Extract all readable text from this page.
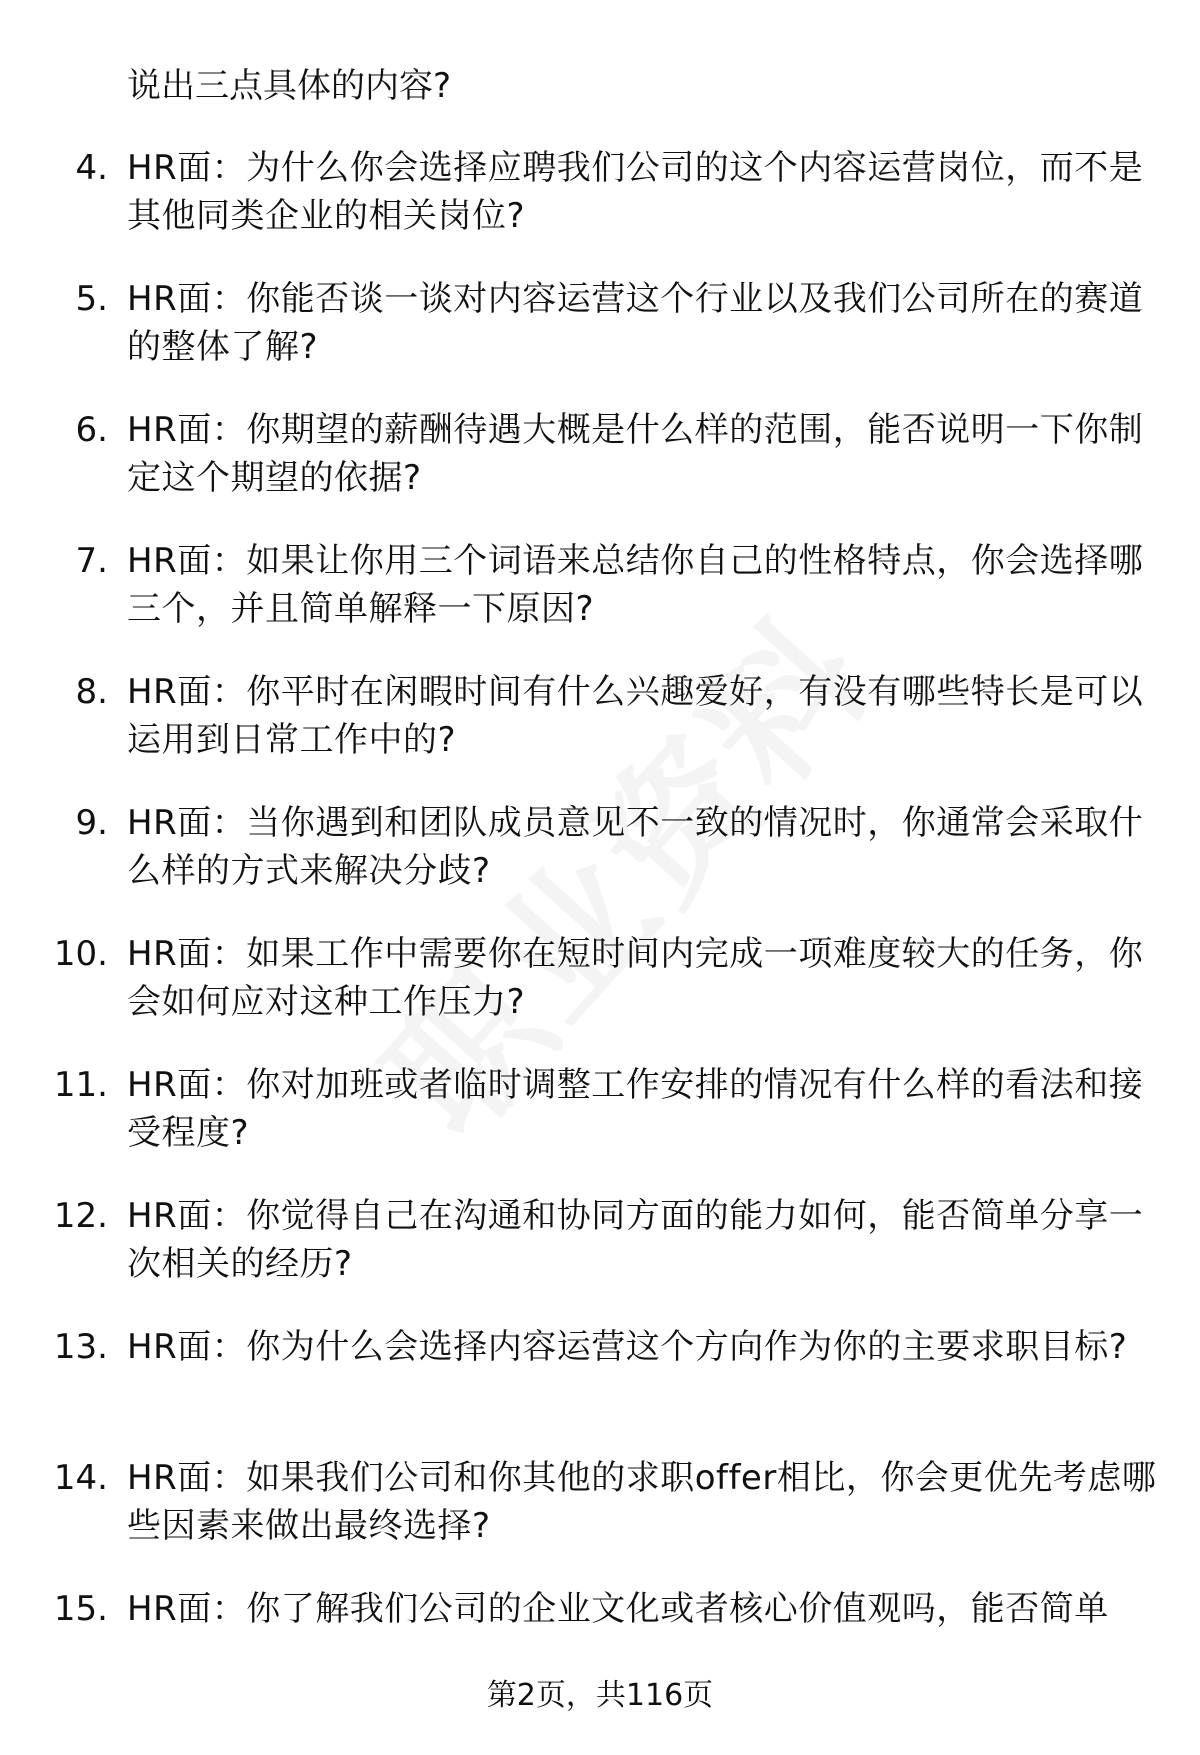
说出三点具体的内容?

4. HR面：为什么你会选择应聘我们公司的这个内容运营岗位，而不是其他同类企业的相关岗位?
5. HR面：你能否谈一谈对内容运营这个行业以及我们公司所在的赛道的整体了解?
6. HR面：你期望的薪酬待遇大概是什么样的范围，能否说明一下你制定这个期望的依据?
7. HR面：如果让你用三个词语来总结你自己的性格特点，你会选择哪三个，并且简单解释一下原因?
8. HR面：你平时在闲暇时间有什么兴趣爱好，有没有哪些特长是可以运用到日常工作中的?
9. HR面：当你遇到和团队成员意见不一致的情况时，你通常会采取什么样的方式来解决分歧?
10. HR面：如果工作中需要你在短时间内完成一项难度较大的任务，你会如何应对这种工作压力?
11. HR面：你对加班或者临时调整工作安排的情况有什么样的看法和接受程度?
12. HR面：你觉得自己在沟通和协同方面的能力如何，能否简单分享一次相关的经历?
13. HR面：你为什么会选择内容运营这个方向作为你的主要求职目标?
14. HR面：如果我们公司和你其他的求职offer相比，你会更优先考虑哪些因素来做出最终选择?
15. HR面：你了解我们公司的企业文化或者核心价值观吗，能否简单
第2页，共116页
